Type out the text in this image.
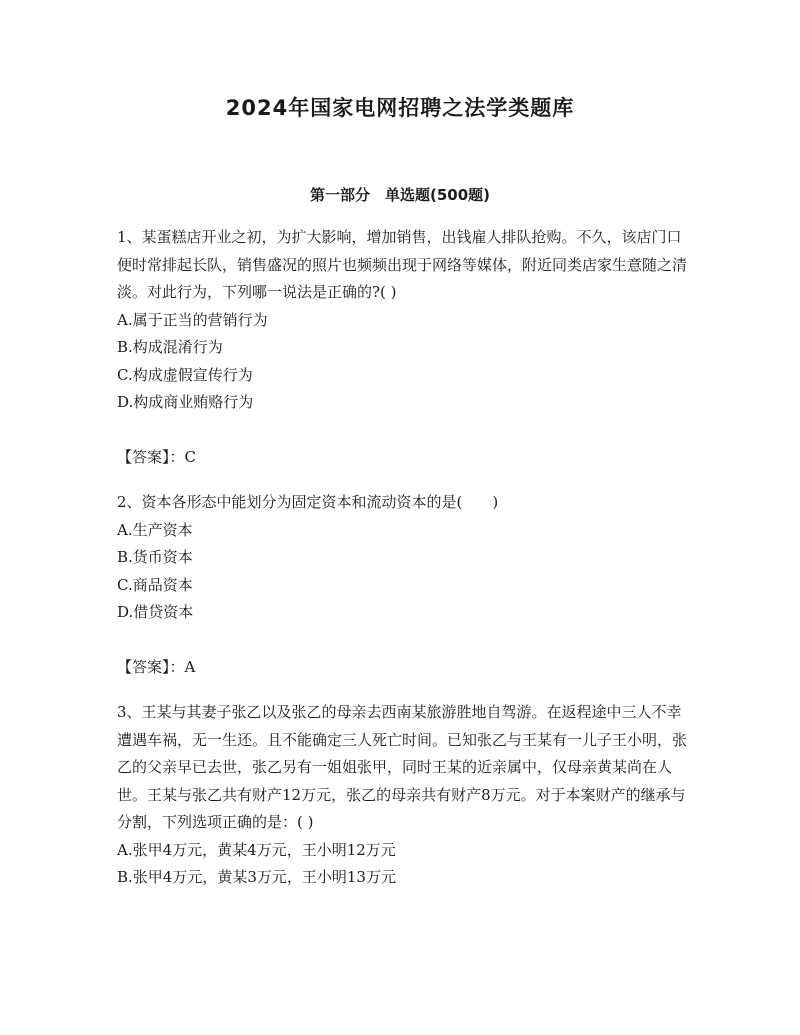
2024年国家电网招聘之法学类题库
第一部分　单选题(500题)

1、某蛋糕店开业之初，为扩大影响，增加销售，出钱雇人排队抢购。不久，该店门口便时常排起长队，销售盛况的照片也频频出现于网络等媒体，附近同类店家生意随之清淡。对此行为，下列哪一说法是正确的?( )

A.属于正当的营销行为

B.构成混淆行为

C.构成虚假宣传行为

D.构成商业贿赂行为

【答案】：C

2、资本各形态中能划分为固定资本和流动资本的是(　　)

A.生产资本

B.货币资本

C.商品资本

D.借贷资本

【答案】：A

3、王某与其妻子张乙以及张乙的母亲去西南某旅游胜地自驾游。在返程途中三人不幸遭遇车祸，无一生还。且不能确定三人死亡时间。已知张乙与王某有一儿子王小明，张乙的父亲早已去世，张乙另有一姐姐张甲，同时王某的近亲属中，仅母亲黄某尚在人世。王某与张乙共有财产12万元，张乙的母亲共有财产8万元。对于本案财产的继承与分割，下列选项正确的是：( )

A.张甲4万元，黄某4万元，王小明12万元

B.张甲4万元，黄某3万元，王小明13万元
